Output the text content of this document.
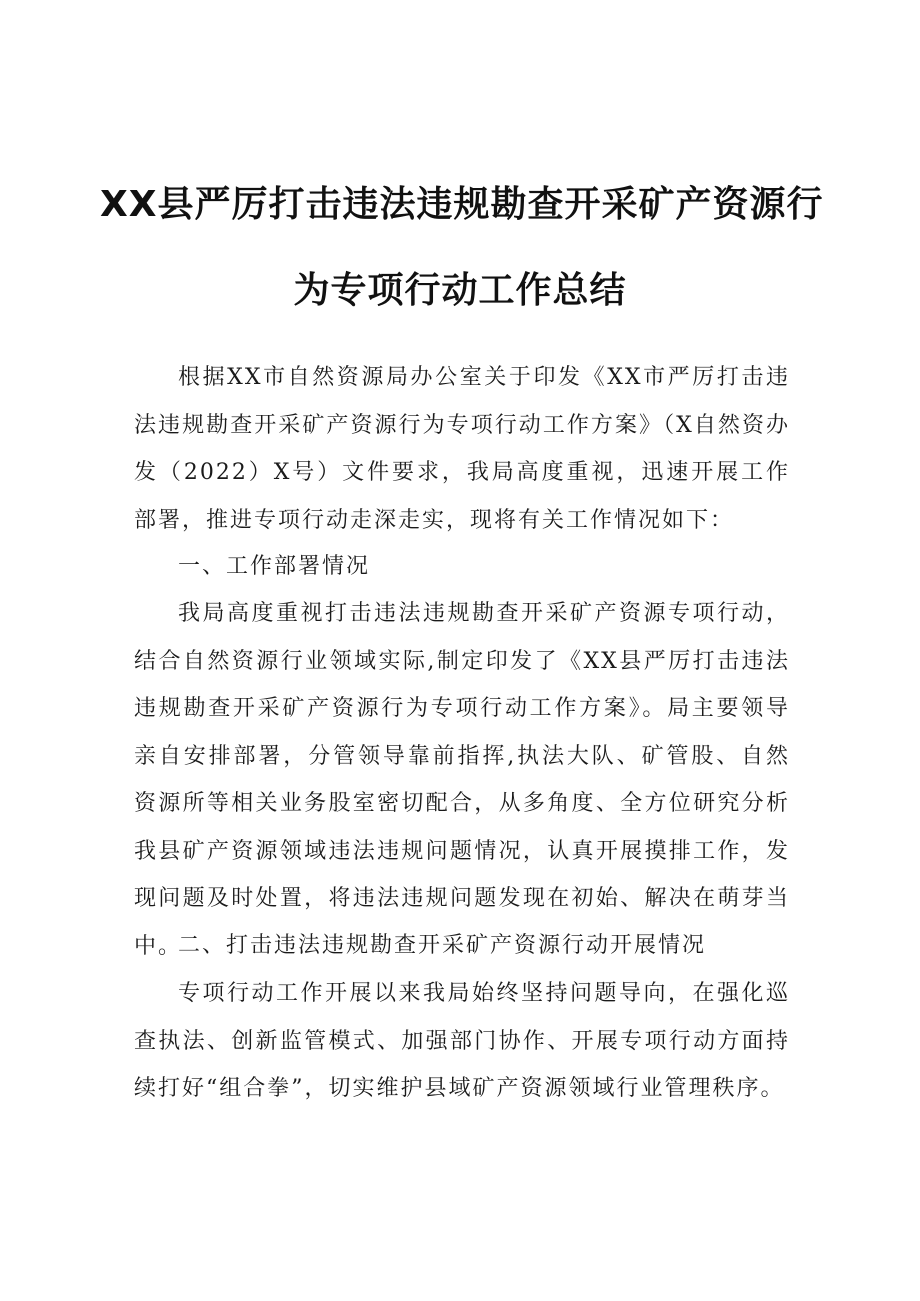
XX县严厉打击违法违规勘查开采矿产资源行
为专项行动工作总结

根据XX市自然资源局办公室关于印发《XX市严厉打击违法违规勘查开采矿产资源行为专项行动工作方案》（X自然资办发（2022）X号）文件要求，我局高度重视，迅速开展工作部署，推进专项行动走深走实，现将有关工作情况如下：

一、工作部署情况

我局高度重视打击违法违规勘查开采矿产资源专项行动，结合自然资源行业领域实际,制定印发了《XX县严厉打击违法违规勘查开采矿产资源行为专项行动工作方案》。局主要领导亲自安排部署，分管领导靠前指挥,执法大队、矿管股、自然资源所等相关业务股室密切配合，从多角度、全方位研究分析我县矿产资源领域违法违规问题情况，认真开展摸排工作，发现问题及时处置，将违法违规问题发现在初始、解决在萌芽当中。

二、打击违法违规勘查开采矿产资源行动开展情况

专项行动工作开展以来我局始终坚持问题导向，在强化巡查执法、创新监管模式、加强部门协作、开展专项行动方面持续打好“组合拳”，切实维护县域矿产资源领域行业管理秩序。
